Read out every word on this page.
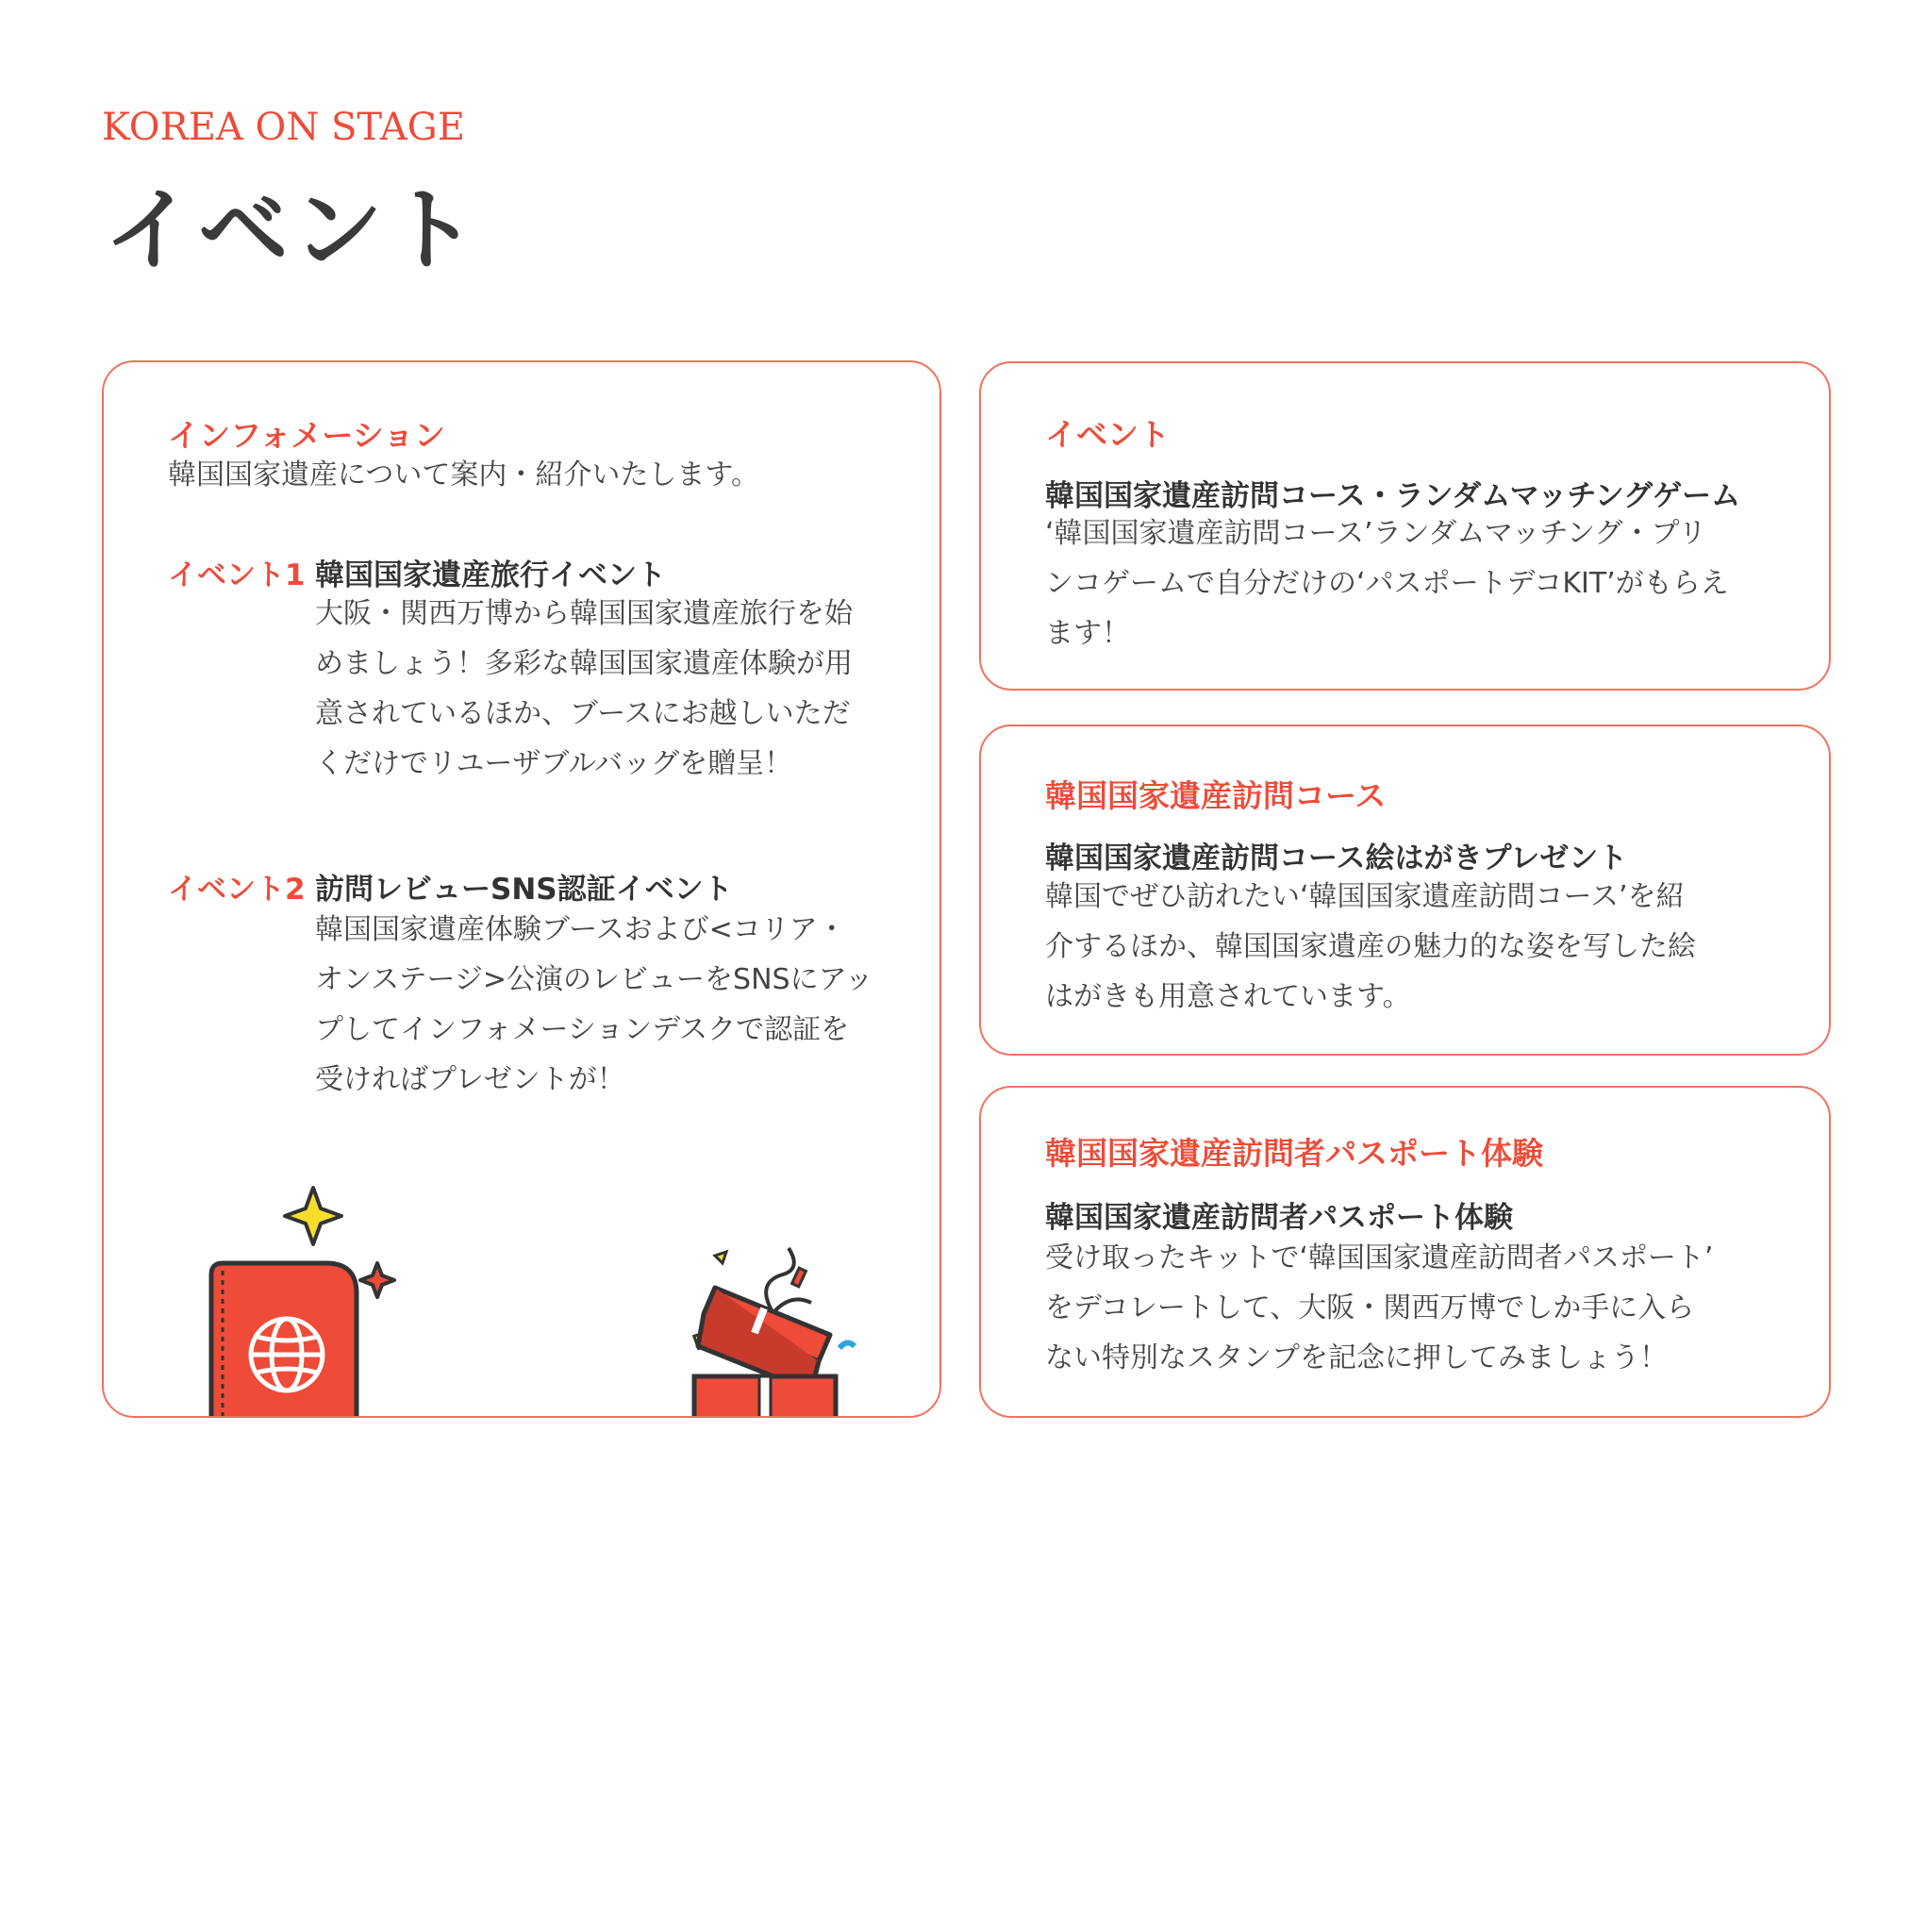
KOREA ON STAGE
イベント
インフォメーション
韓国国家遺産について案内・紹介いたします。
イベント1 韓国国家遺産旅行イベント
大阪・関西万博から韓国国家遺産旅行を始
めましょう！多彩な韓国国家遺産体験が用
意されているほか、ブースにお越しいただ
くだけでリユーザブルバッグを贈呈！
イベント2 訪問レビューSNS認証イベント
韓国国家遺産体験ブースおよび<コリア・
オンステージ>公演のレビューをSNSにアッ
プしてインフォメーションデスクで認証を
受ければプレゼントが！
イベント
韓国国家遺産訪問コース・ランダムマッチングゲーム
‘韓国国家遺産訪問コース’ランダムマッチング・プリ
ンコゲームで自分だけの‘パスポートデコKIT’がもらえ
ます！
韓国国家遺産訪問コース
韓国国家遺産訪問コース絵はがきプレゼント
韓国でぜひ訪れたい‘韓国国家遺産訪問コース’を紹
介するほか、韓国国家遺産の魅力的な姿を写した絵
はがきも用意されています。
韓国国家遺産訪問者パスポート体験
韓国国家遺産訪問者パスポート体験
受け取ったキットで‘韓国国家遺産訪問者パスポート’
をデコレートして、大阪・関西万博でしか手に入ら
ない特別なスタンプを記念に押してみましょう！
